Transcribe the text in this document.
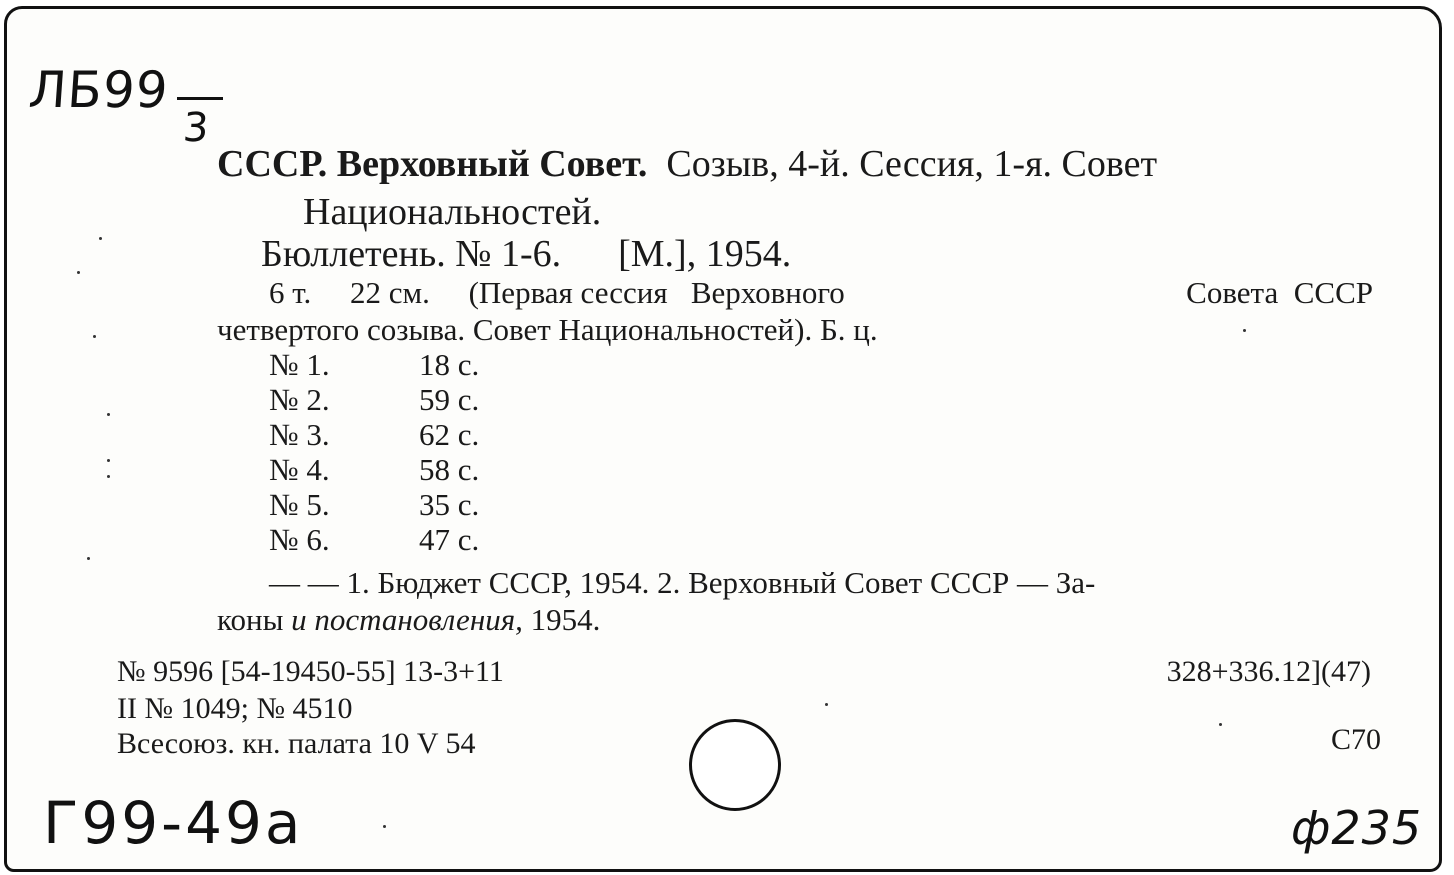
ЛБ99
3
СССР. Верховный Совет.  Созыв, 4-й. Сессия, 1-я. Совет
Национальностей.
Бюллетень. № 1-6.      [М.], 1954.
6 т.     22 см.     (Первая сессия   Верховного	Совета  СССР
четвертого созыва. Совет Национальностей). Б. ц.
№ 1.	18 с.
№ 2.	59 с.
№ 3.	62 с.
№ 4.	58 с.
№ 5.	35 с.
№ 6.	47 с.
— — 1. Бюджет СССР, 1954. 2. Верховный Совет СССР — За-
коны и постановления, 1954.
№ 9596 [54-19450-55] 13-3+11
II № 1049; № 4510
Всесоюз. кн. палата 10 V 54
328+336.12](47)
С70
Г99-49а	ф235
